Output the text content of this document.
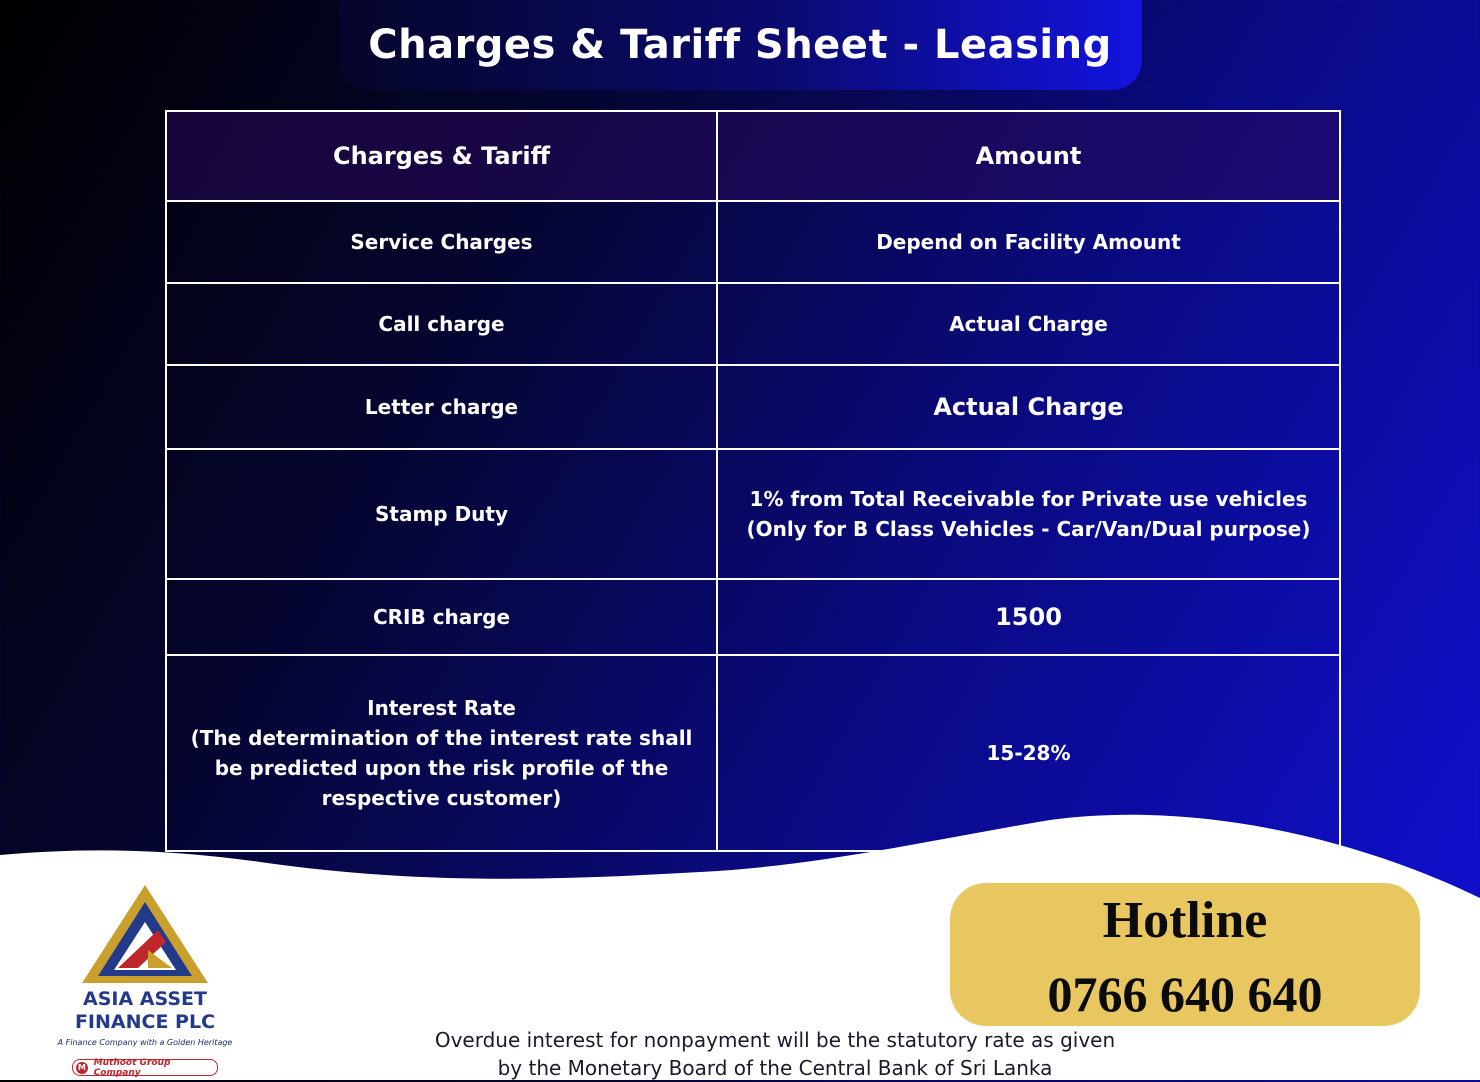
Charges & Tariff Sheet - Leasing
Charges & Tariff	Amount
Service Charges	Depend on Facility Amount
Call charge	Actual Charge
Letter charge	Actual Charge
Stamp Duty	1% from Total Receivable for Private use vehicles
(Only for B Class Vehicles - Car/Van/Dual purpose)
CRIB charge	1500
Interest Rate
(The determination of the interest rate shall be predicted upon the risk profile of the respective customer)	15-28%
ASIA ASSET FINANCE PLC
A Finance Company with a Golden Heritage
M Muthoot Group Company
Hotline
0766 640 640
Overdue interest for nonpayment will be the statutory rate as given by the Monetary Board of the Central Bank of Sri Lanka
